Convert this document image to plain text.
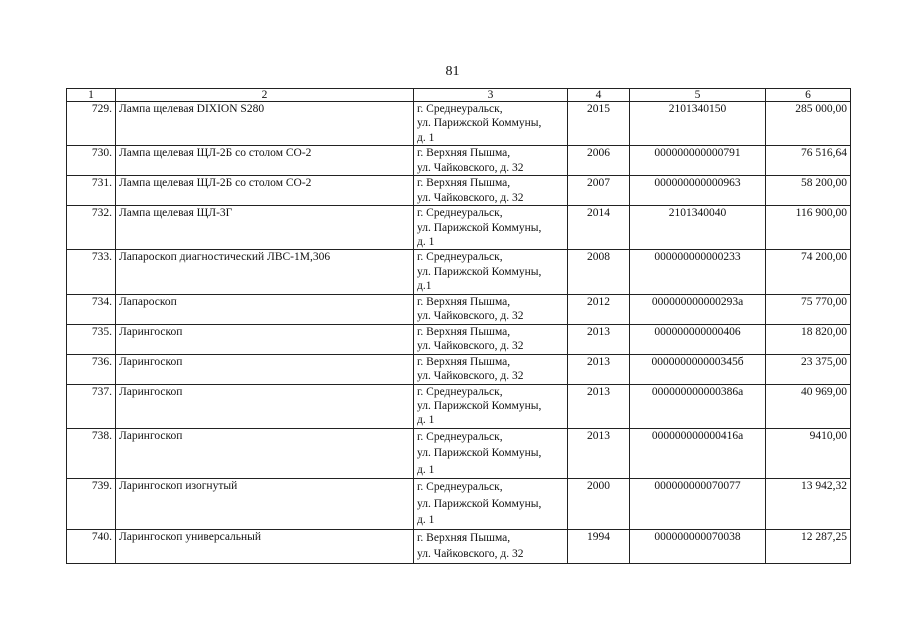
81
1	2	3	4	5	6
729.	Лампа щелевая DIXION S280	г. Среднеуральск,
ул. Парижской Коммуны,
д. 1	2015	2101340150	285 000,00
730.	Лампа щелевая ЩЛ-2Б со столом СО-2	г. Верхняя Пышма,
ул. Чайковского, д. 32	2006	000000000000791	76 516,64
731.	Лампа щелевая ЩЛ-2Б со столом СО-2	г. Верхняя Пышма,
ул. Чайковского, д. 32	2007	000000000000963	58 200,00
732.	Лампа щелевая ЩЛ-3Г	г. Среднеуральск,
ул. Парижской Коммуны,
д. 1	2014	2101340040	116 900,00
733.	Лапароскоп диагностический ЛВС-1М,306	г. Среднеуральск,
ул. Парижской Коммуны,
д.1	2008	000000000000233	74 200,00
734.	Лапароскоп	г. Верхняя Пышма,
ул. Чайковского, д. 32	2012	000000000000293а	75 770,00
735.	Ларингоскоп	г. Верхняя Пышма,
ул. Чайковского, д. 32	2013	000000000000406	18 820,00
736.	Ларингоскоп	г. Верхняя Пышма,
ул. Чайковского, д. 32	2013	000000000000345б	23 375,00
737.	Ларингоскоп	г. Среднеуральск,
ул. Парижской Коммуны,
д. 1	2013	000000000000386а	40 969,00
738.	Ларингоскоп	г. Среднеуральск,
ул. Парижской Коммуны,
д. 1	2013	000000000000416а	9410,00
739.	Ларингоскоп изогнутый	г. Среднеуральск,
ул. Парижской Коммуны,
д. 1	2000	000000000070077	13 942,32
740.	Ларингоскоп универсальный	г. Верхняя Пышма,
ул. Чайковского, д. 32	1994	000000000070038	12 287,25
